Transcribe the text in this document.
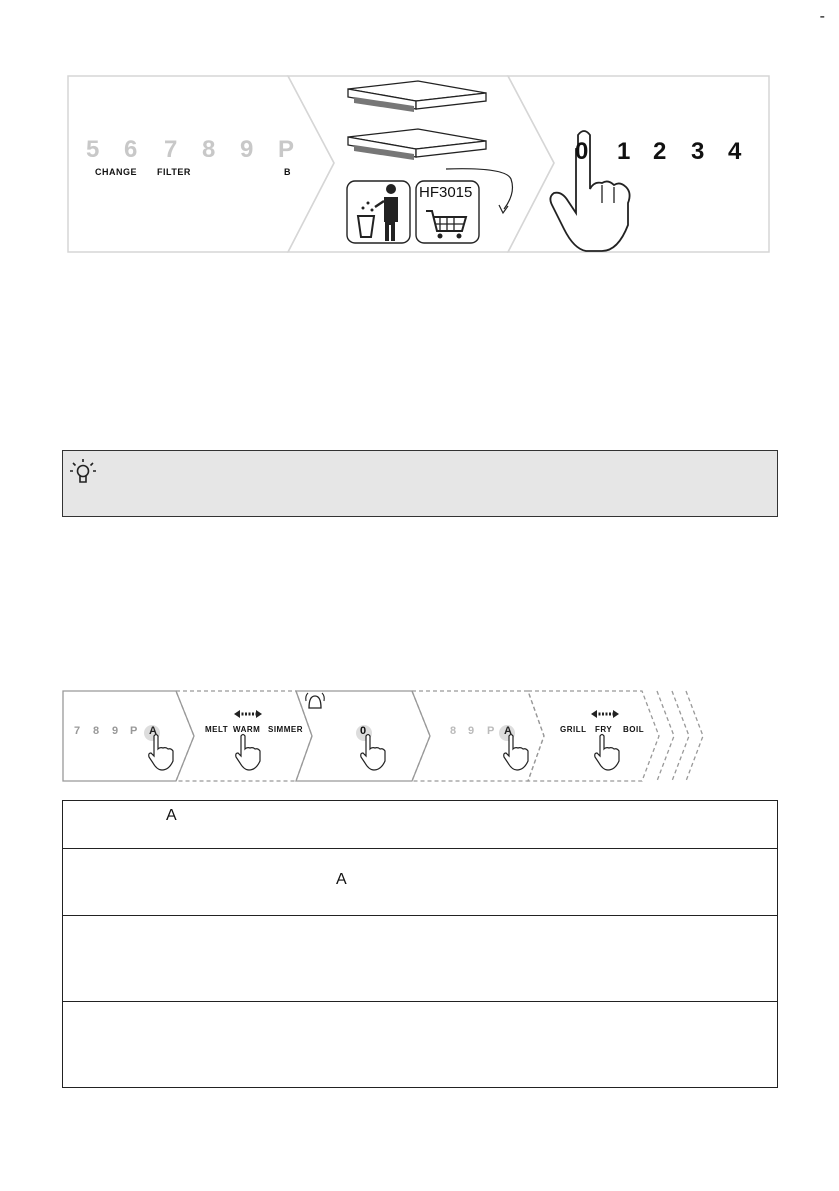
-
5 6 7 8 9 P
CHANGE FILTER	B
HF3015
0 1 2 3 4
7 8 9 P A	MELT WARM SIMMER	0	8 9 P A	GRILL FRY BOIL
A
A
